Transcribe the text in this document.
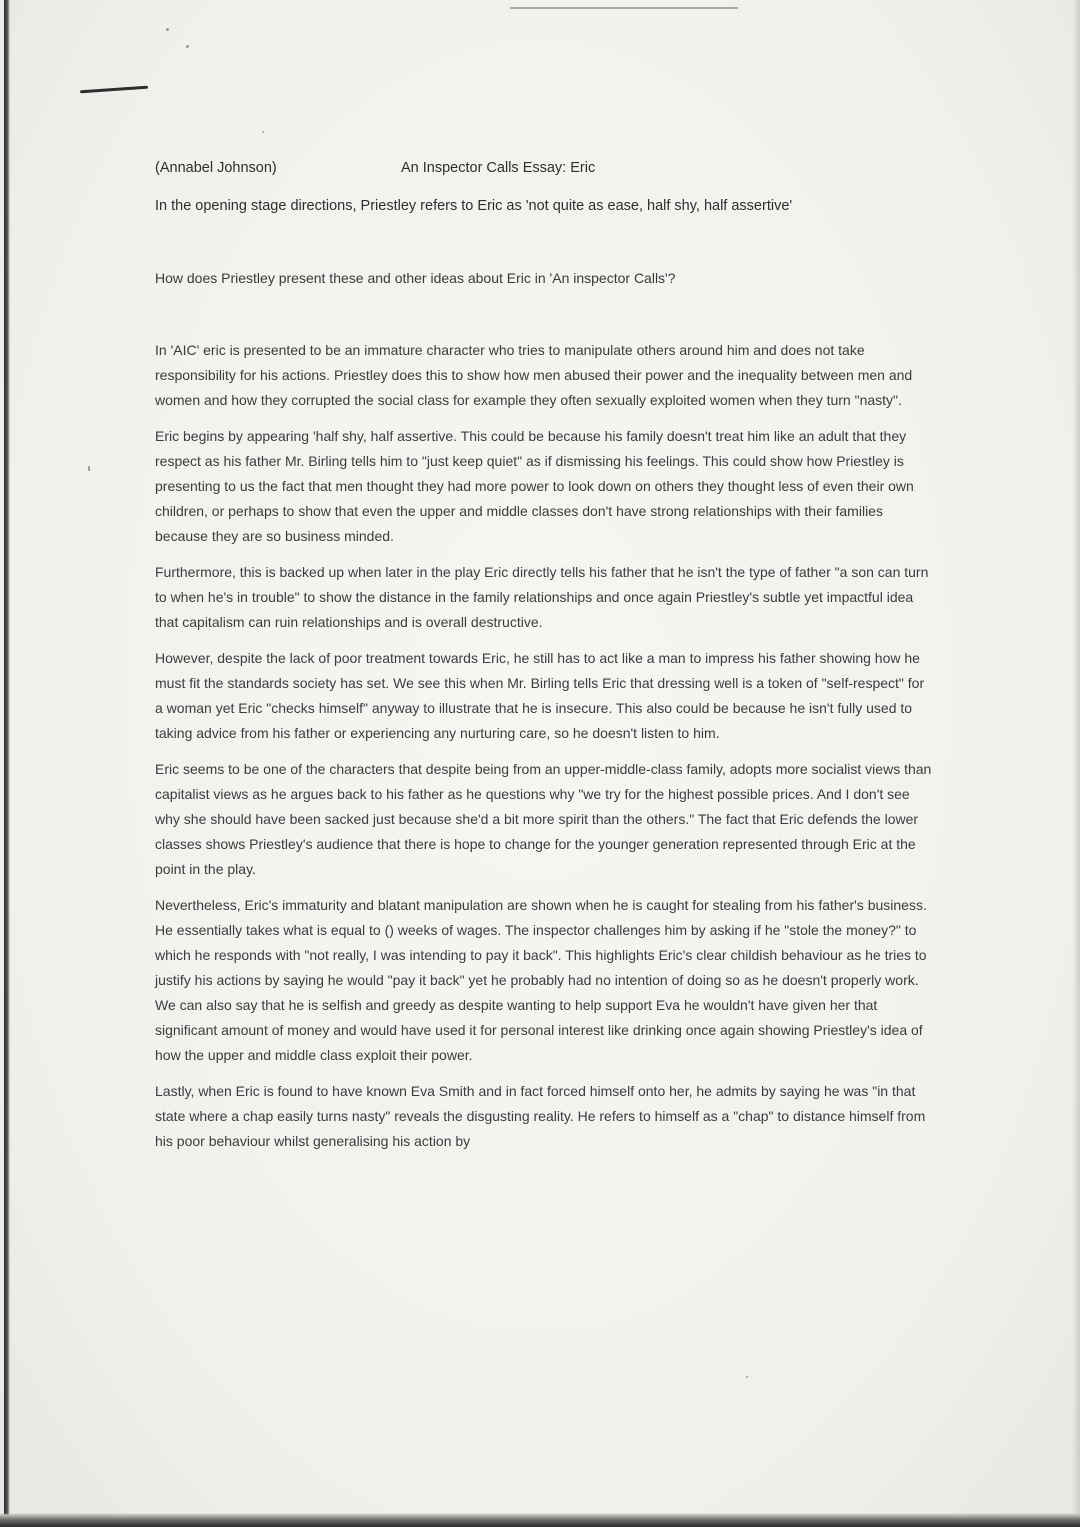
(Annabel Johnson)	An Inspector Calls Essay: Eric
In the opening stage directions, Priestley refers to Eric as 'not quite as ease, half shy, half assertive'
How does Priestley present these and other ideas about Eric in 'An inspector Calls'?

In 'AIC' eric is presented to be an immature character who tries to manipulate others around him and does not take responsibility for his actions. Priestley does this to show how men abused their power and the inequality between men and women and how they corrupted the social class for example they often sexually exploited women when they turn "nasty".

Eric begins by appearing 'half shy, half assertive. This could be because his family doesn't treat him like an adult that they respect as his father Mr. Birling tells him to "just keep quiet" as if dismissing his feelings. This could show how Priestley is presenting to us the fact that men thought they had more power to look down on others they thought less of even their own children, or perhaps to show that even the upper and middle classes don't have strong relationships with their families because they are so business minded.

Furthermore, this is backed up when later in the play Eric directly tells his father that he isn't the type of father "a son can turn to when he's in trouble" to show the distance in the family relationships and once again Priestley's subtle yet impactful idea that capitalism can ruin relationships and is overall destructive.

However, despite the lack of poor treatment towards Eric, he still has to act like a man to impress his father showing how he must fit the standards society has set. We see this when Mr. Birling tells Eric that dressing well is a token of "self-respect" for a woman yet Eric "checks himself" anyway to illustrate that he is insecure. This also could be because he isn't fully used to taking advice from his father or experiencing any nurturing care, so he doesn't listen to him.

Eric seems to be one of the characters that despite being from an upper-middle-class family, adopts more socialist views than capitalist views as he argues back to his father as he questions why "we try for the highest possible prices. And I don't see why she should have been sacked just because she'd a bit more spirit than the others." The fact that Eric defends the lower classes shows Priestley's audience that there is hope to change for the younger generation represented through Eric at the point in the play.

Nevertheless, Eric's immaturity and blatant manipulation are shown when he is caught for stealing from his father's business. He essentially takes what is equal to () weeks of wages. The inspector challenges him by asking if he "stole the money?" to which he responds with "not really, I was intending to pay it back". This highlights Eric's clear childish behaviour as he tries to justify his actions by saying he would "pay it back" yet he probably had no intention of doing so as he doesn't properly work. We can also say that he is selfish and greedy as despite wanting to help support Eva he wouldn't have given her that significant amount of money and would have used it for personal interest like drinking once again showing Priestley's idea of how the upper and middle class exploit their power.

Lastly, when Eric is found to have known Eva Smith and in fact forced himself onto her, he admits by saying he was "in that state where a chap easily turns nasty" reveals the disgusting reality. He refers to himself as a "chap" to distance himself from his poor behaviour whilst generalising his action by
